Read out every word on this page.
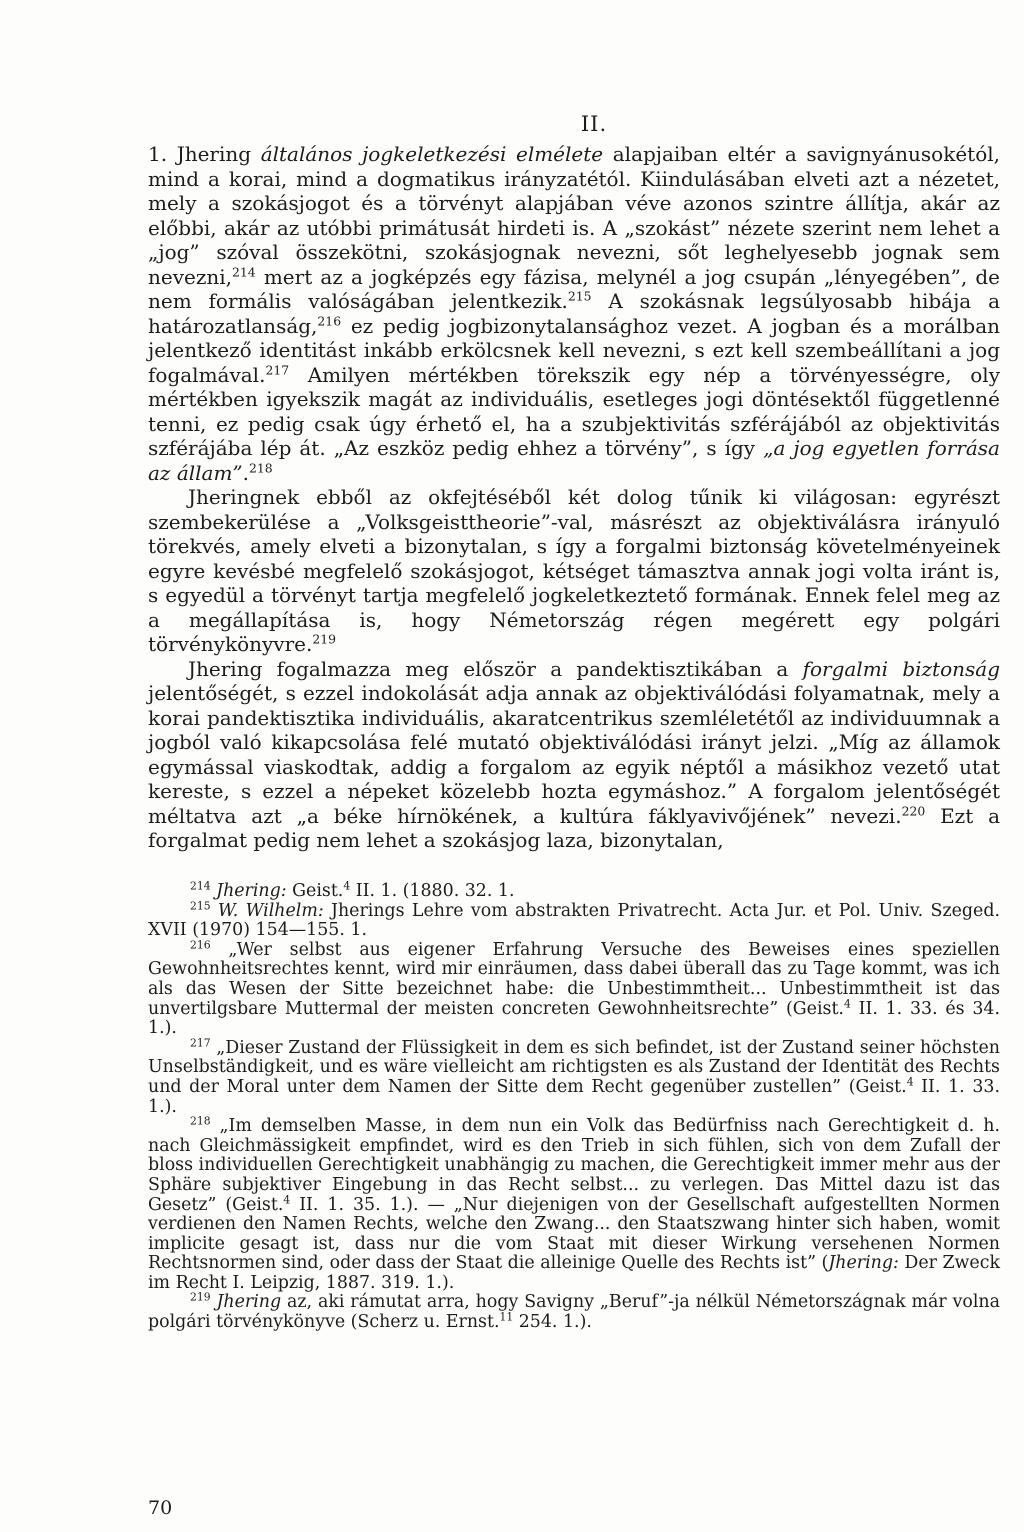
II.

1. Jhering általános jogkeletkezési elmélete alapjaiban eltér a savignyánusokétól, mind a korai, mind a dogmatikus irányzatétól. Kiindulásában elveti azt a nézetet, mely a szokásjogot és a törvényt alapjában véve azonos szintre állítja, akár az előbbi, akár az utóbbi primátusát hirdeti is. A „szokást” nézete szerint nem lehet a „jog” szóval összekötni, szokásjognak nevezni, sőt leghelyesebb jognak sem nevezni,$^{214}$ mert az a jogképzés egy fázisa, melynél a jog csupán „lényegében”, de nem formális valóságában jelentkezik.$^{215}$ A szokásnak legsúlyosabb hibája a határozatlanság,$^{216}$ ez pedig jogbizonytalansághoz vezet. A jogban és a morálban jelentkező identitást inkább erkölcsnek kell nevezni, s ezt kell szembeállítani a jog fogalmával.$^{217}$ Amilyen mértékben törekszik egy nép a törvényességre, oly mértékben igyekszik magát az individuális, esetleges jogi döntésektől függetlenné tenni, ez pedig csak úgy érhető el, ha a szubjektivitás szférájából az objektivitás szférájába lép át. „Az eszköz pedig ehhez a törvény”, s így „a jog egyetlen forrása az állam”.$^{218}$

Jheringnek ebből az okfejtéséből két dolog tűnik ki világosan: egyrészt szembekerülése a „Volksgeisttheorie”-val, másrészt az objektiválásra irányuló törekvés, amely elveti a bizonytalan, s így a forgalmi biztonság követelményeinek egyre kevésbé megfelelő szokásjogot, kétséget támasztva annak jogi volta iránt is, s egyedül a törvényt tartja megfelelő jogkeletkeztető formának. Ennek felel meg az a megállapítása is, hogy Németország régen megérett egy polgári törvénykönyvre.$^{219}$

Jhering fogalmazza meg először a pandektisztikában a forgalmi biztonság jelentőségét, s ezzel indokolását adja annak az objektiválódási folyamatnak, mely a korai pandektisztika individuális, akaratcentrikus szemléletétől az individuumnak a jogból való kikapcsolása felé mutató objektiválódási irányt jelzi. „Míg az államok egymással viaskodtak, addig a forgalom az egyik néptől a másikhoz vezető utat kereste, s ezzel a népeket közelebb hozta egymáshoz.” A forgalom jelentőségét méltatva azt „a béke hírnökének, a kultúra fáklyavivőjének” nevezi.$^{220}$ Ezt a forgalmat pedig nem lehet a szokásjog laza, bizonytalan,

$^{214}$ Jhering: Geist.$^4$ II. 1. (1880. 32. 1.

$^{215}$ W. Wilhelm: Jherings Lehre vom abstrakten Privatrecht. Acta Jur. et Pol. Univ. Szeged. XVII (1970) 154—155. 1.

$^{216}$ „Wer selbst aus eigener Erfahrung Versuche des Beweises eines speziellen Gewohnheitsrechtes kennt, wird mir einräumen, dass dabei überall das zu Tage kommt, was ich als das Wesen der Sitte bezeichnet habe: die Unbestimmtheit... Unbestimmtheit ist das unvertilgsbare Muttermal der meisten concreten Gewohnheitsrechte” (Geist.$^4$ II. 1. 33. és 34. 1.).

$^{217}$ „Dieser Zustand der Flüssigkeit in dem es sich befindet, ist der Zustand seiner höchsten Unselbständigkeit, und es wäre vielleicht am richtigsten es als Zustand der Identität des Rechts und der Moral unter dem Namen der Sitte dem Recht gegenüber zustellen” (Geist.$^4$ II. 1. 33. 1.).

$^{218}$ „Im demselben Masse, in dem nun ein Volk das Bedürfniss nach Gerechtigkeit d. h. nach Gleichmässigkeit empfindet, wird es den Trieb in sich fühlen, sich von dem Zufall der bloss individuellen Gerechtigkeit unabhängig zu machen, die Gerechtigkeit immer mehr aus der Sphäre subjektiver Eingebung in das Recht selbst... zu verlegen. Das Mittel dazu ist das Gesetz” (Geist.$^4$ II. 1. 35. 1.). — „Nur diejenigen von der Gesellschaft aufgestellten Normen verdienen den Namen Rechts, welche den Zwang... den Staatszwang hinter sich haben, womit implicite gesagt ist, dass nur die vom Staat mit dieser Wirkung versehenen Normen Rechtsnormen sind, oder dass der Staat die alleinige Quelle des Rechts ist” (Jhering: Der Zweck im Recht I. Leipzig, 1887. 319. 1.).

$^{219}$ Jhering az, aki rámutat arra, hogy Savigny „Beruf”-ja nélkül Németországnak már volna polgári törvénykönyve (Scherz u. Ernst.$^{11}$ 254. 1.).

70
